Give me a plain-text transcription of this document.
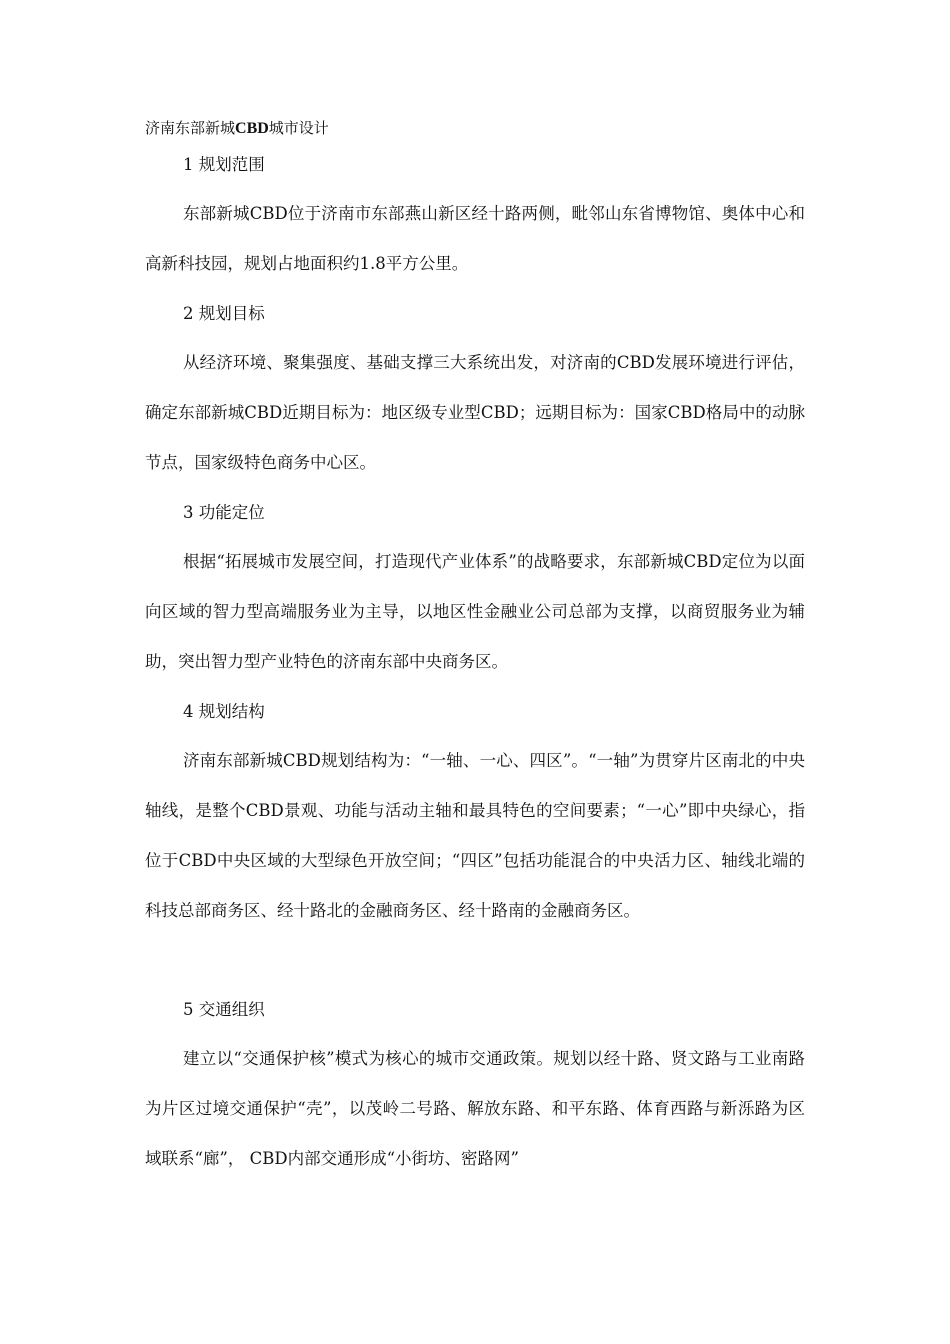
济南东部新城CBD城市设计
1 规划范围
东部新城CBD位于济南市东部燕山新区经十路两侧，毗邻山东省博物馆、奥体中心和高新科技园，规划占地面积约1.8平方公里。
2 规划目标
从经济环境、聚集强度、基础支撑三大系统出发，对济南的CBD发展环境进行评估，确定东部新城CBD近期目标为：地区级专业型CBD；远期目标为：国家CBD格局中的动脉节点，国家级特色商务中心区。
3 功能定位
根据“拓展城市发展空间，打造现代产业体系”的战略要求，东部新城CBD定位为以面向区域的智力型高端服务业为主导，以地区性金融业公司总部为支撑，以商贸服务业为辅助，突出智力型产业特色的济南东部中央商务区。
4 规划结构
济南东部新城CBD规划结构为：“一轴、一心、四区”。“一轴”为贯穿片区南北的中央轴线，是整个CBD景观、功能与活动主轴和最具特色的空间要素；“一心”即中央绿心，指位于CBD中央区域的大型绿色开放空间；“四区”包括功能混合的中央活力区、轴线北端的科技总部商务区、经十路北的金融商务区、经十路南的金融商务区。
5 交通组织
建立以“交通保护核”模式为核心的城市交通政策。规划以经十路、贤文路与工业南路为片区过境交通保护“壳”，以茂岭二号路、解放东路、和平东路、体育西路与新泺路为区域联系“廊”， CBD内部交通形成“小街坊、密路网”
